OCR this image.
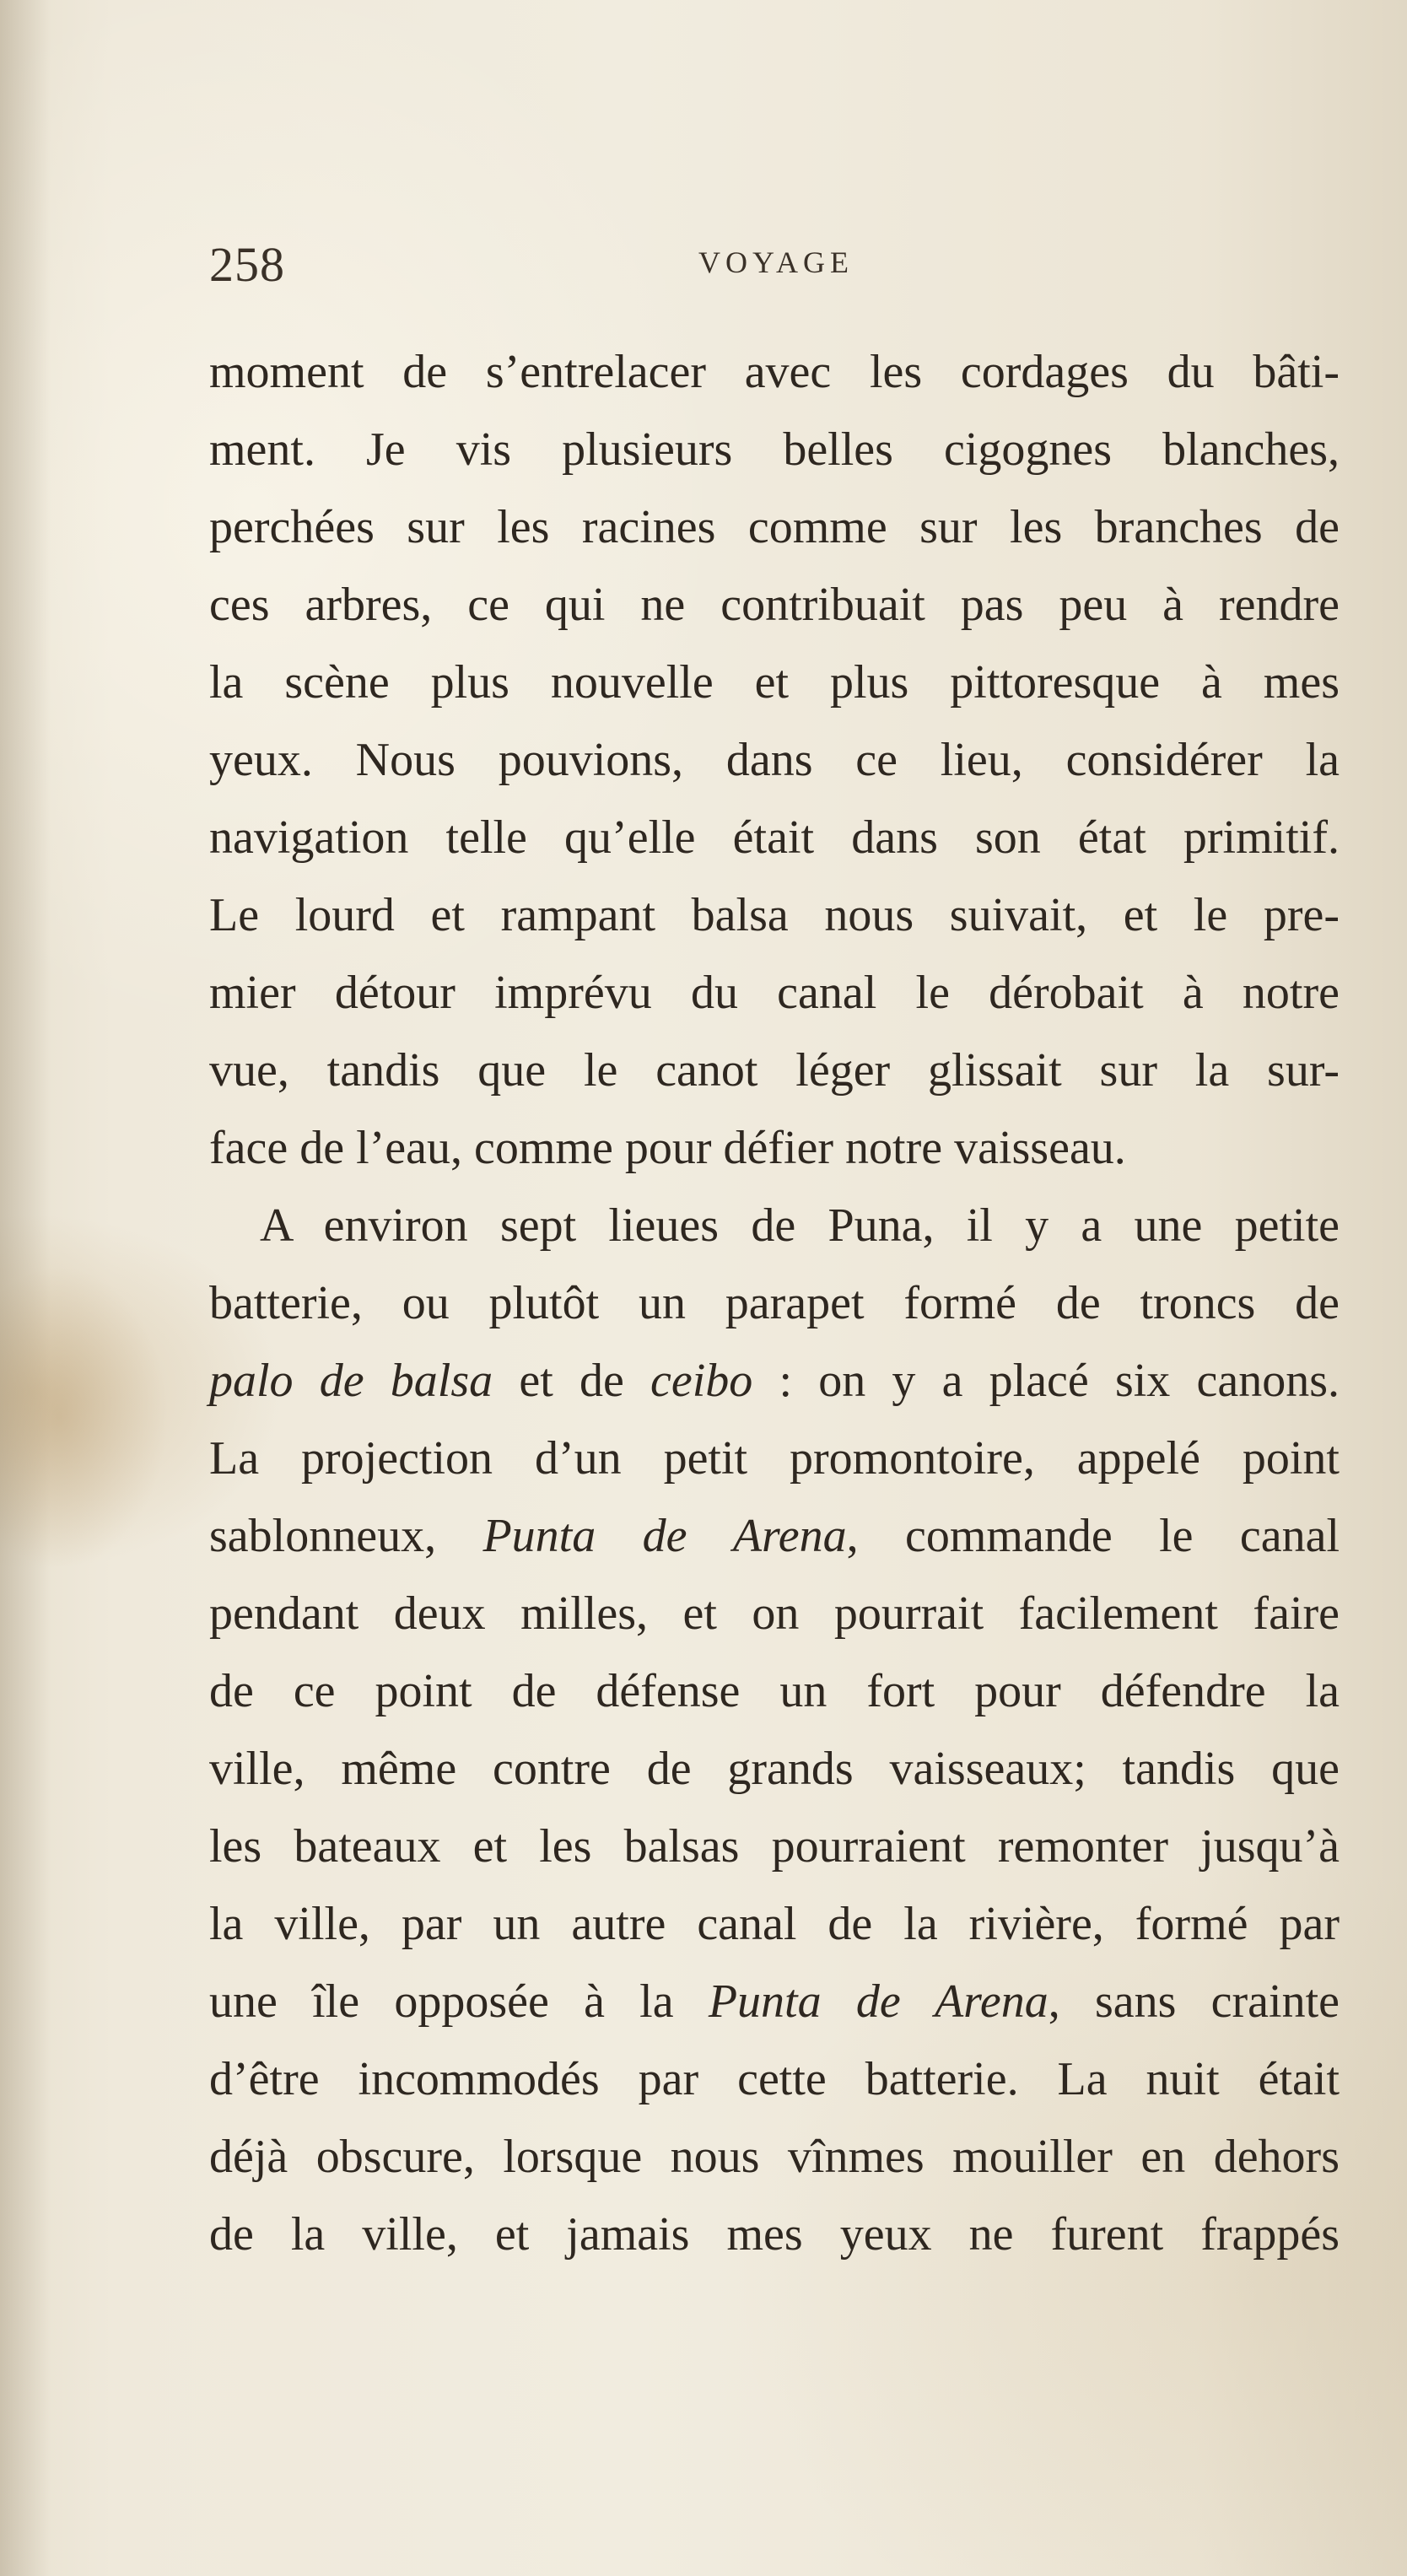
258	VOYAGE
moment de s’entrelacer avec les cordages du bâti-
ment. Je vis plusieurs belles cigognes blanches,
perchées sur les racines comme sur les branches de
ces arbres, ce qui ne contribuait pas peu à rendre
la scène plus nouvelle et plus pittoresque à mes
yeux. Nous pouvions, dans ce lieu, considérer la
navigation telle qu’elle était dans son état primitif.
Le lourd et rampant balsa nous suivait, et le pre-
mier détour imprévu du canal le dérobait à notre
vue, tandis que le canot léger glissait sur la sur-
face de l’eau, comme pour défier notre vaisseau.
A environ sept lieues de Puna, il y a une petite
batterie, ou plutôt un parapet formé de troncs de
palo de balsa et de ceibo : on y a placé six canons.
La projection d’un petit promontoire, appelé point
sablonneux, Punta de Arena, commande le canal
pendant deux milles, et on pourrait facilement faire
de ce point de défense un fort pour défendre la
ville, même contre de grands vaisseaux; tandis que
les bateaux et les balsas pourraient remonter jusqu’à
la ville, par un autre canal de la rivière, formé par
une île opposée à la Punta de Arena, sans crainte
d’être incommodés par cette batterie. La nuit était
déjà obscure, lorsque nous vînmes mouiller en dehors
de la ville, et jamais mes yeux ne furent frappés
